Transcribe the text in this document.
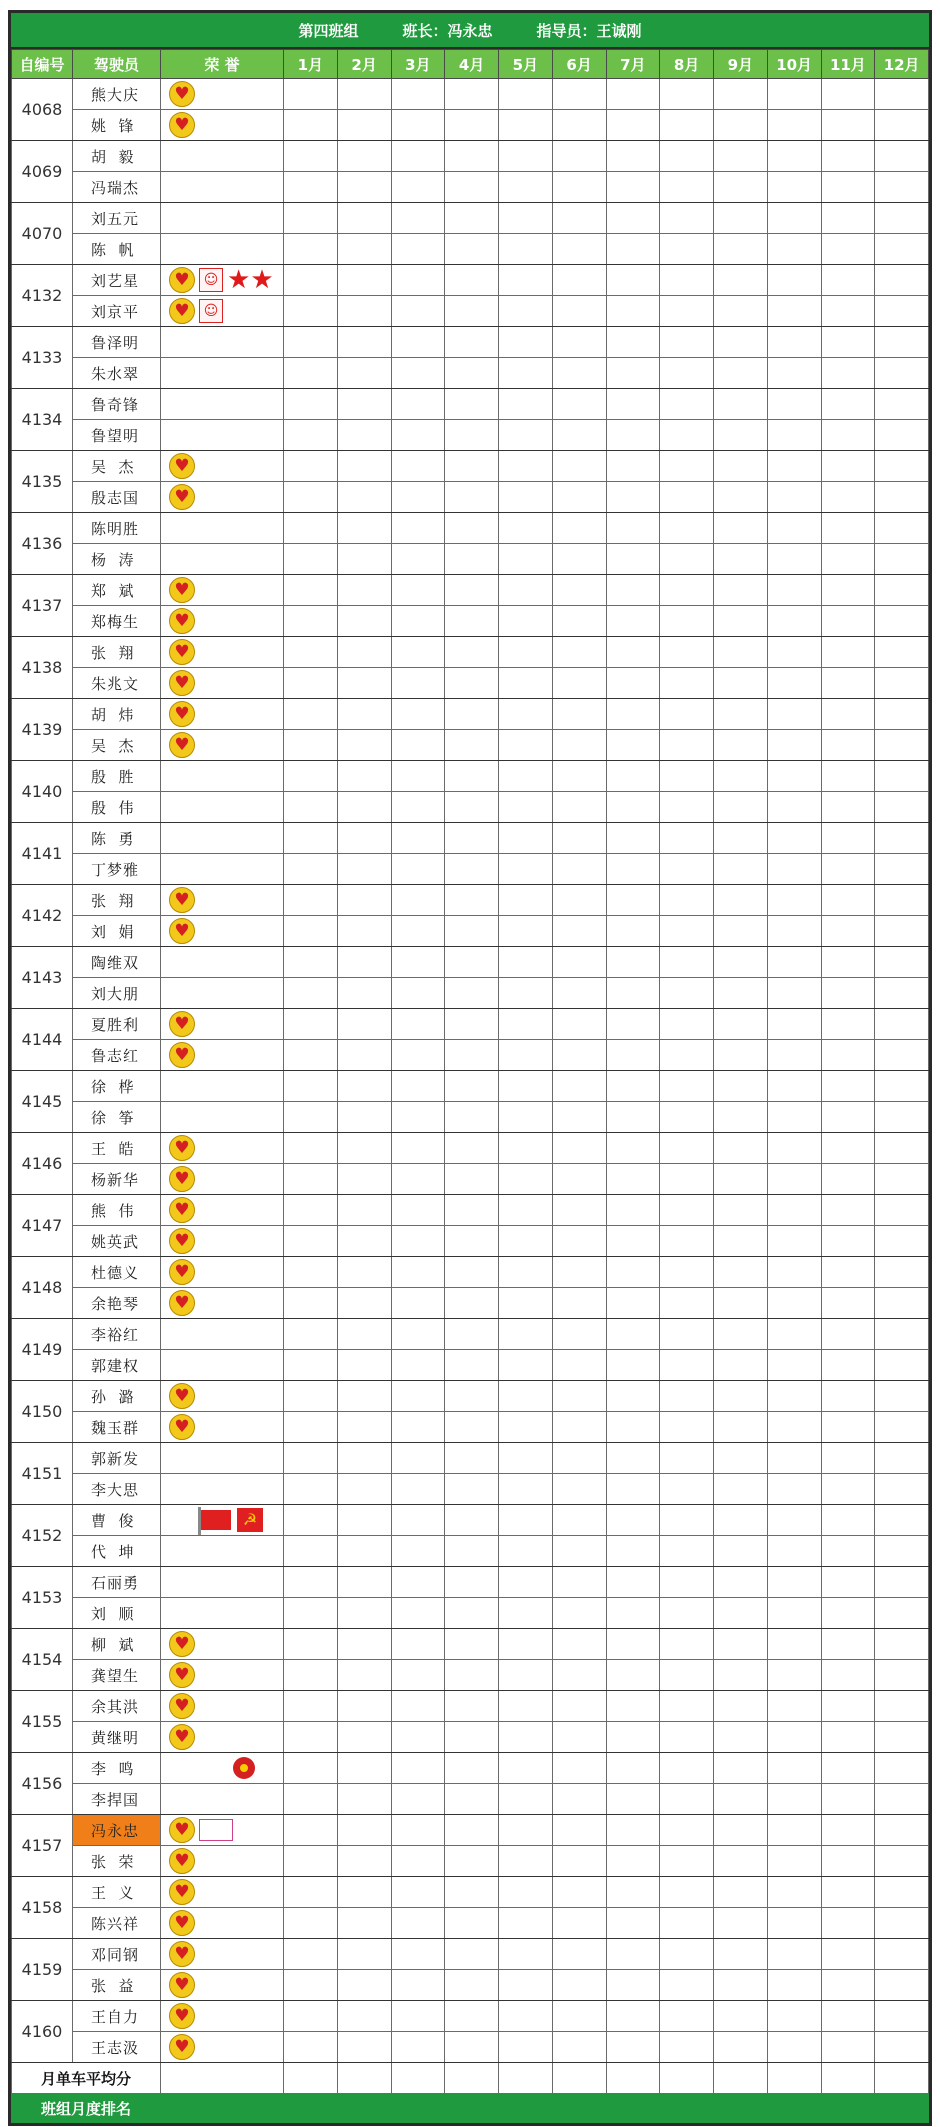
第四班组	班长：冯永忠	指导员：王诚刚
自编号	驾驶员	荣 誉	1月	2月	3月	4月	5月	6月	7月	8月	9月	10月	11月	12月
4068	熊大庆	♥												
	姚  锋	♥												
4069	胡  毅													
	冯瑞杰													
4070	刘五元													
	陈  帆													
4132	刘艺星	♥☺ ★★												
	刘京平	♥☺												
4133	鲁泽明													
	朱水翠													
4134	鲁奇锋													
	鲁望明													
4135	吴  杰	♥												
	殷志国	♥												
4136	陈明胜													
	杨  涛													
4137	郑  斌	♥												
	郑梅生	♥												
4138	张  翔	♥												
	朱兆文	♥												
4139	胡  炜	♥												
	吴  杰	♥												
4140	殷  胜													
	殷  伟													
4141	陈  勇													
	丁梦雅													
4142	张  翔	♥												
	刘  娟	♥												
4143	陶维双													
	刘大朋													
4144	夏胜利	♥												
	鲁志红	♥												
4145	徐  桦													
	徐  筝													
4146	王  皓	♥												
	杨新华	♥												
4147	熊  伟	♥												
	姚英武	♥												
4148	杜德义	♥												
	余艳琴	♥												
4149	李裕红													
	郭建权													
4150	孙  潞	♥												
	魏玉群	♥												
4151	郭新发													
	李大思													
4152	曹  俊	☭												
	代  坤													
4153	石丽勇													
	刘  顺													
4154	柳  斌	♥												
	龚望生	♥												
4155	余其洪	♥												
	黄继明	♥												
4156	李  鸣													
	李捍国													
4157	冯永忠	♥												
	张  荣	♥												
4158	王  义	♥												
	陈兴祥	♥												
4159	邓同钢	♥												
	张  益	♥												
4160	王自力	♥												
	王志汲	♥												
月单车平均分														
班组月度排名														
